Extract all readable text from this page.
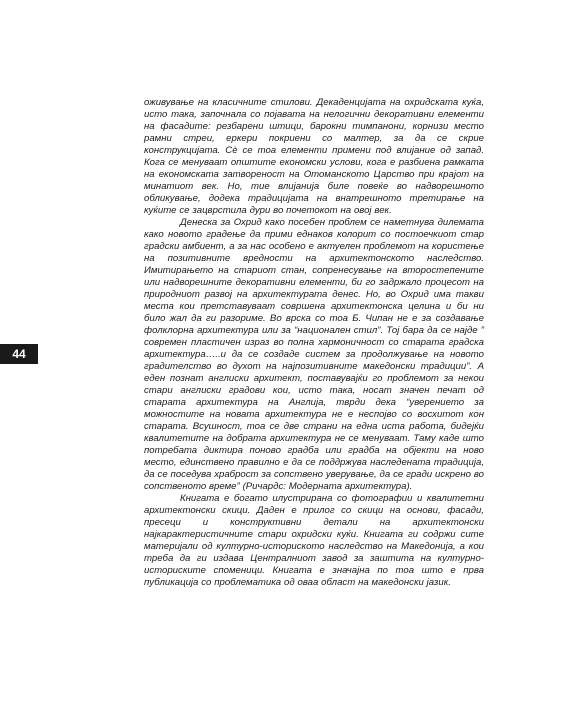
44

оживување на класичните стилови. Декаденцијата на охридската куќа, исто така, започнала со појавата на нелогични декоративни елементи на фасадите: резбарени штици, барокни тимпанони, корнизи место рамни стреи, еркери покриени со малтер, за да се скрие конструкцијата. Сè се тоа елементи примени под влијание од запад. Кога се менуваат општите економски услови, кога е разбиена рамката на економската затвореност на Отоманското Царство при крајот на минатиот век. Но, тие влијанија биле повеќе во надворешното обликување, додека традицијата на внатрешното третирање на куќите се зацврстила дури во почетокот на овој век.

Денеска за Охрид како посебен проблем се наметнува дилемата како новото градење да прими еднаков колорит со постоечкиот стар градски амбиент, а за нас особено е актуелен проблемот на користење на позитивните вредности на архитектонското наследство. Имитирањето на стариот стан, сопренесување на второстепените или надворешните декоративни елементи, би го задржало процесот на природниот развој на архитектурата денес. Но, во Охрид има такви места кои претставуваат совршена архитектонска целина и би ни било жал да ги разориме. Во врска со тоа Б. Чипан не е за создавање фолклорна архитектура или за “национален стил”. Тој бара да се најде ” современ пластичен израз во полна хармоничност со старата градска архитектура…..и да се создаде систем за продолжување на новото градителство во духот на најпозитивните македонски традиции”. А еден познат англиски архитект, поставувајќи го проблемот за некои стари англиски градови кои, исто така, носат значен печат од старата архитектура на Англија, тврди дека “уверението за можностите на новата архитектура не е неспојво со восхитот кон старата. Всушност, тоа се две страни на една иста работа, бидејќи квалитетите на добрата архитектура не се менуваат. Таму каде што потребата диктира поново градба или градба на објекти на ново место, единствено правилно е да се поддржува наследената традиција, да се поседува храброст за сопствено уверување, да се гради искрено во сопственото време” (Ричардс: Модерната архитектура).

Книгата е богато илустрирана со фотографии и квалитетни архитектонски скици. Даден е прилог со скици на основи, фасади, пресеци и конструктивни детали на архитектонски најкарактеристичните стари охридски куќи. Книгата ги содржи сите материјали од културно-историското наследство на Македонија, а кои треба да ги издава Централниот завод за заштита на културно-историските споменици. Книгата е значајна по тоа што е прва публикација со проблематика од оваа област на македонски јазик.
